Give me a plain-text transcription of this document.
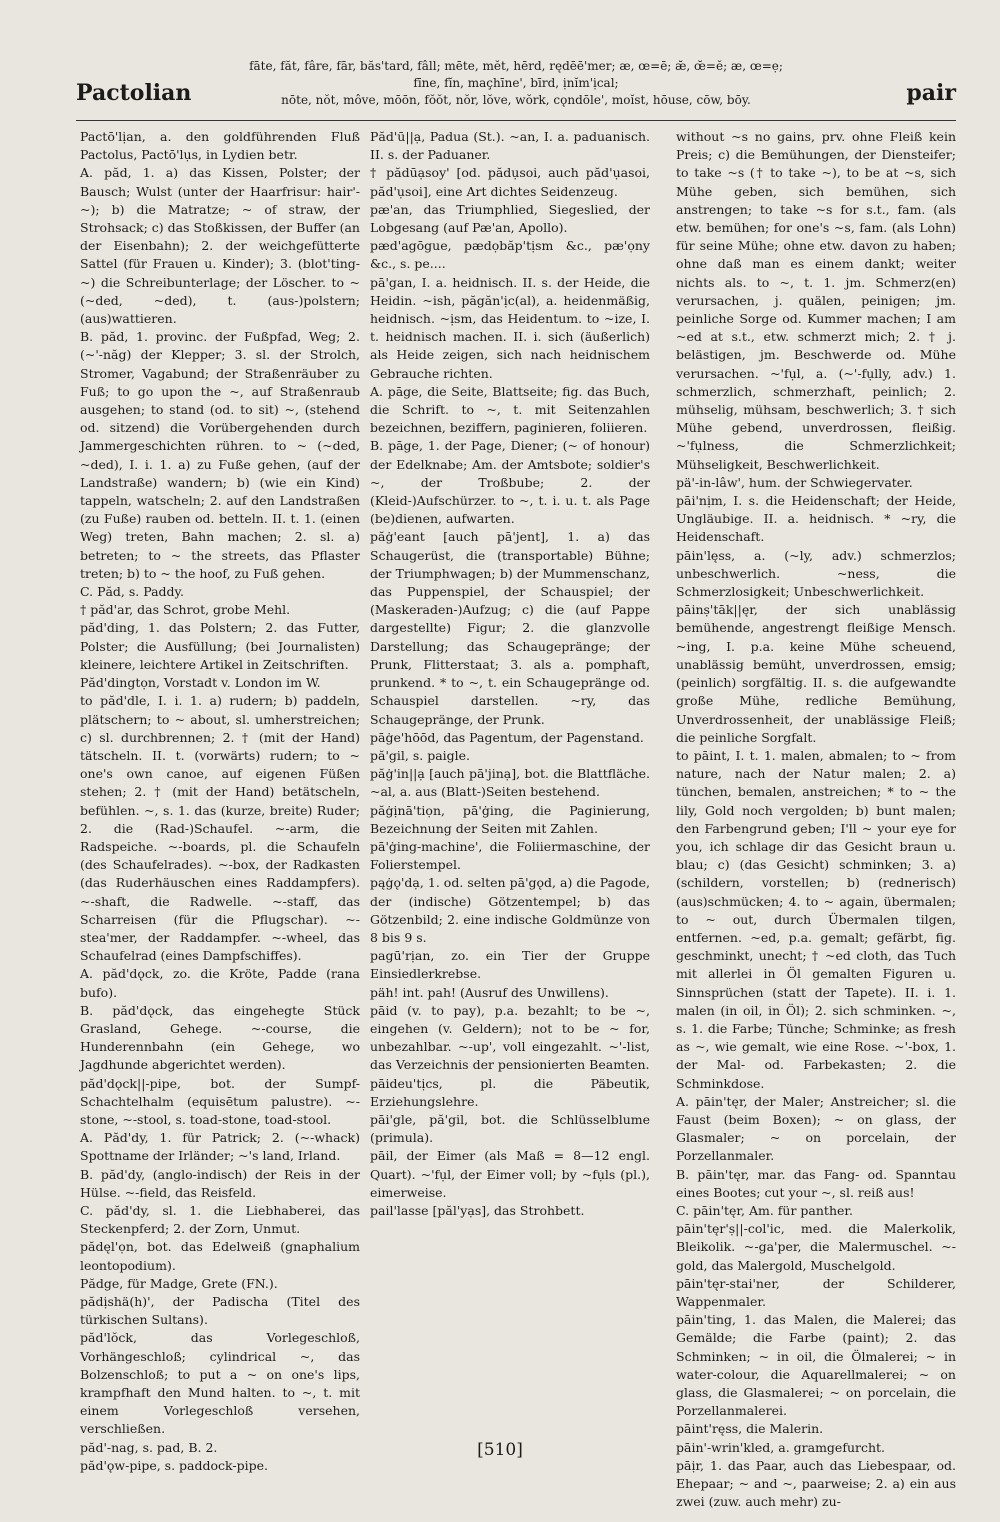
Pactolian
fāte, făt, fâre, fār, băs'tard, fâll; mēte, mĕt, hērd, rędēē'mer; æ, œ=ē; æ̆, œ̆=ĕ; æ, œ=ẹ;
fīne, fĭn, maçhīne', bīrd, ịnĭm'ịcal;
nōte, nŏt, môve, mōōn, fŏŏt, nŏr, lŏve, wŏrk, cǫndōle', moĭst, hōuse, cōw, bōy.	pair

Pactō'lịan, a. den goldführenden Fluß Pactolus, Pactō'lụs, in Lydien betr.

A. păd, 1. a) das Kissen, Polster; der Bausch; Wulst (unter der Haarfrisur: hair'-~); b) die Matratze; ~ of straw, der Strohsack; c) das Stoßkissen, der Buffer (an der Eisenbahn); 2. der weichgefütterte Sattel (für Frauen u. Kinder); 3. (blot'ting-~) die Schreibunterlage; der Löscher. to ~ (~ded, ~ded), t. (aus-)polstern; (aus)wattieren.

B. păd, 1. provinc. der Fußpfad, Weg; 2. (~'-năg) der Klepper; 3. sl. der Strolch, Stromer, Vagabund; der Straßenräuber zu Fuß; to go upon the ~, auf Straßenraub ausgehen; to stand (od. to sit) ~, (stehend od. sitzend) die Vorübergehenden durch Jammergeschichten rühren. to ~ (~ded, ~ded), I. i. 1. a) zu Fuße gehen, (auf der Landstraße) wandern; b) (wie ein Kind) tappeln, watscheln; 2. auf den Landstraßen (zu Fuße) rauben od. betteln. II. t. 1. (einen Weg) treten, Bahn machen; 2. sl. a) betreten; to ~ the streets, das Pflaster treten; b) to ~ the hoof, zu Fuß gehen.

C. Păd, s. Paddy.

† păd'ar, das Schrot, grobe Mehl.

păd'ding, 1. das Polstern; 2. das Futter, Polster; die Ausfüllung; (bei Journalisten) kleinere, leichtere Artikel in Zeitschriften.

Păd'dingtọn, Vorstadt v. London im W.

to păd'dle, I. i. 1. a) rudern; b) paddeln, plätschern; to ~ about, sl. umherstreichen; c) sl. durchbrennen; 2. † (mit der Hand) tätscheln. II. t. (vorwärts) rudern; to ~ one's own canoe, auf eigenen Füßen stehen; 2. † (mit der Hand) betätscheln, befühlen. ~, s. 1. das (kurze, breite) Ruder; 2. die (Rad-)Schaufel. ~-arm, die Radspeiche. ~-boards, pl. die Schaufeln (des Schaufelrades). ~-box, der Radkasten (das Ruderhäuschen eines Raddampfers). ~-shaft, die Radwelle. ~-staff, das Scharreisen (für die Pflugschar). ~-stea'mer, der Raddampfer. ~-wheel, das Schaufelrad (eines Dampfschiffes).

A. păd'dǫck, zo. die Kröte, Padde (rana bufo).

B. păd'dǫck, das eingehegte Stück Grasland, Gehege. ~-course, die Hunderennbahn (ein Gehege, wo Jagdhunde abgerichtet werden).

păd'dǫck||-pipe, bot. der Sumpf-Schachtelhalm (equisētum palustre). ~-stone, ~-stool, s. toad-stone, toad-stool.

A. Păd'dy, 1. für Patrick; 2. (~-whack) Spottname der Irländer; ~'s land, Irland.

B. păd'dy, (anglo-indisch) der Reis in der Hülse. ~-field, das Reisfeld.

C. păd'dy, sl. 1. die Liebhaberei, das Steckenpferd; 2. der Zorn, Unmut.

pădęl'ọn, bot. das Edelweiß (gnaphalium leontopodium).

Pădge, für Madge, Grete (FN.).

pădịshä(h)', der Padischa (Titel des türkischen Sultans).

păd'lŏck, das Vorlegeschloß, Vorhängeschloß; cylindrical ~, das Bolzenschloß; to put a ~ on one's lips, krampfhaft den Mund halten. to ~, t. mit einem Vorlegeschloß versehen, verschließen.

păd'-nag, s. pad, B. 2.

păd'ǫw-pipe, s. paddock-pipe.

Păd'ū||ạ, Padua (St.). ~an, I. a. paduanisch. II. s. der Paduaner.

† pădūạsoy' [od. pădụsoi, auch păd'ụasoi, păd'ụsoi], eine Art dichtes Seidenzeug.

pæ'an, das Triumphlied, Siegeslied, der Lobgesang (auf Pæ'an, Apollo).

pæd'agōgue, pædọbăp'tịsm &c., pæ'ọny &c., s. pe....

pā'gan, I. a. heidnisch. II. s. der Heide, die Heidin. ~ish, păgăn'ịc(al), a. heidenmäßig, heidnisch. ~ịsm, das Heidentum. to ~ize, I. t. heidnisch machen. II. i. sich (äußerlich) als Heide zeigen, sich nach heidnischem Gebrauche richten.

A. pāge, die Seite, Blattseite; fig. das Buch, die Schrift. to ~, t. mit Seitenzahlen bezeichnen, beziffern, paginieren, foliieren.

B. pāge, 1. der Page, Diener; (~ of honour) der Edelknabe; Am. der Amtsbote; soldier's ~, der Troßbube; 2. der (Kleid-)Aufschürzer. to ~, t. i. u. t. als Page (be)dienen, aufwarten.

păġ'eant [auch pā'jent], 1. a) das Schaugerüst, die (transportable) Bühne; der Triumphwagen; b) der Mummenschanz, das Puppenspiel, der Schauspiel; der (Maskeraden-)Aufzug; c) die (auf Pappe dargestellte) Figur; 2. die glanzvolle Darstellung; das Schaugepränge; der Prunk, Flitterstaat; 3. als a. pomphaft, prunkend. * to ~, t. ein Schaugepränge od. Schauspiel darstellen. ~ry, das Schaugepränge, der Prunk.

pāġe'hōōd, das Pagentum, der Pagenstand.

pă'gil, s. paigle.

păġ'in||ạ [auch pā'jinạ], bot. die Blattfläche. ~al, a. aus (Blatt-)Seiten bestehend.

păġịnā'tiọn, pā'ġing, die Paginierung, Bezeichnung der Seiten mit Zahlen.

pā'ġing-machine', die Foliiermaschine, der Folierstempel.

pąġǫ'dạ, 1. od. selten pā'gǫd, a) die Pagode, der (indische) Götzentempel; b) das Götzenbild; 2. eine indische Goldmünze von 8 bis 9 s.

pagū'rịan, zo. ein Tier der Gruppe Einsiedlerkrebse.

päh! int. pah! (Ausruf des Unwillens).

pāid (v. to pay), p.a. bezahlt; to be ~, eingehen (v. Geldern); not to be ~ for, unbezahlbar. ~-up', voll eingezahlt. ~'-list, das Verzeichnis der pensionierten Beamten.

pāideu'tịcs, pl. die Päbeutik, Erziehungslehre.

pāi'gle, pă'gil, bot. die Schlüsselblume (primula).

pāil, der Eimer (als Maß = 8—12 engl. Quart). ~'fụl, der Eimer voll; by ~fụls (pl.), eimerweise.

pail'lasse [păl'yạs], das Strohbett.

without ~s no gains, prv. ohne Fleiß kein Preis; c) die Bemühungen, der Diensteifer; to take ~s († to take ~), to be at ~s, sich Mühe geben, sich bemühen, sich anstrengen; to take ~s for s.t., fam. (als etw. bemühen; for one's ~s, fam. (als Lohn) für seine Mühe; ohne etw. davon zu haben; ohne daß man es einem dankt; weiter nichts als. to ~, t. 1. jm. Schmerz(en) verursachen, j. quälen, peinigen; jm. peinliche Sorge od. Kummer machen; I am ~ed at s.t., etw. schmerzt mich; 2. † j. belästigen, jm. Beschwerde od. Mühe verursachen. ~'fụl, a. (~'-fụlly, adv.) 1. schmerzlich, schmerzhaft, peinlich; 2. mühselig, mühsam, beschwerlich; 3. † sich Mühe gebend, unverdrossen, fleißig. ~'fụlness, die Schmerzlichkeit; Mühseligkeit, Beschwerlichkeit.

pä'-in-lâw', hum. der Schwiegervater.

pāi'nịm, I. s. die Heidenschaft; der Heide, Ungläubige. II. a. heidnisch. * ~ry, die Heidenschaft.

pāin'lęss, a. (~ly, adv.) schmerzlos; unbeschwerlich. ~ness, die Schmerzlosigkeit; Unbeschwerlichkeit.

pāinṣ'tāk||ęr, der sich unablässig bemühende, angestrengt fleißige Mensch. ~ing, I. p.a. keine Mühe scheuend, unablässig bemüht, unverdrossen, emsig; (peinlich) sorgfältig. II. s. die aufgewandte große Mühe, redliche Bemühung, Unverdrossenheit, der unablässige Fleiß; die peinliche Sorgfalt.

to pāint, I. t. 1. malen, abmalen; to ~ from nature, nach der Natur malen; 2. a) tünchen, bemalen, anstreichen; * to ~ the lily, Gold noch vergolden; b) bunt malen; den Farbengrund geben; I'll ~ your eye for you, ich schlage dir das Gesicht braun u. blau; c) (das Gesicht) schminken; 3. a) (schildern, vorstellen; b) (rednerisch) (aus)schmücken; 4. to ~ again, übermalen; to ~ out, durch Übermalen tilgen, entfernen. ~ed, p.a. gemalt; gefärbt, fig. geschminkt, unecht; † ~ed cloth, das Tuch mit allerlei in Öl gemalten Figuren u. Sinnsprüchen (statt der Tapete). II. i. 1. malen (in oil, in Öl); 2. sich schminken. ~, s. 1. die Farbe; Tünche; Schminke; as fresh as ~, wie gemalt, wie eine Rose. ~'-box, 1. der Mal- od. Farbekasten; 2. die Schminkdose.

A. pāin'tęr, der Maler; Anstreicher; sl. die Faust (beim Boxen); ~ on glass, der Glasmaler; ~ on porcelain, der Porzellanmaler.

B. pāin'tęr, mar. das Fang- od. Spanntau eines Bootes; cut your ~, sl. reiß aus!

C. pāin'tęr, Am. für panther.

pāin'tęr'ṣ||-col'ic, med. die Malerkolik, Bleikolik. ~-ga'per, die Malermuschel. ~-gold, das Malergold, Muschelgold.

pāin'tęr-stai'ner, der Schilderer, Wappenmaler.

pāin'ting, 1. das Malen, die Malerei; das Gemälde; die Farbe (paint); 2. das Schminken; ~ in oil, die Ölmalerei; ~ in water-colour, die Aquarellmalerei; ~ on glass, die Glasmalerei; ~ on porcelain, die Porzellanmalerei.

pāint'ręss, die Malerin.

pāin'-wrin'kled, a. gramgefurcht.

pāịr, 1. das Paar, auch das Liebespaar, od. Ehepaar; ~ and ~, paarweise; 2. a) ein aus zwei (zuw. auch mehr) zu-

[510]
